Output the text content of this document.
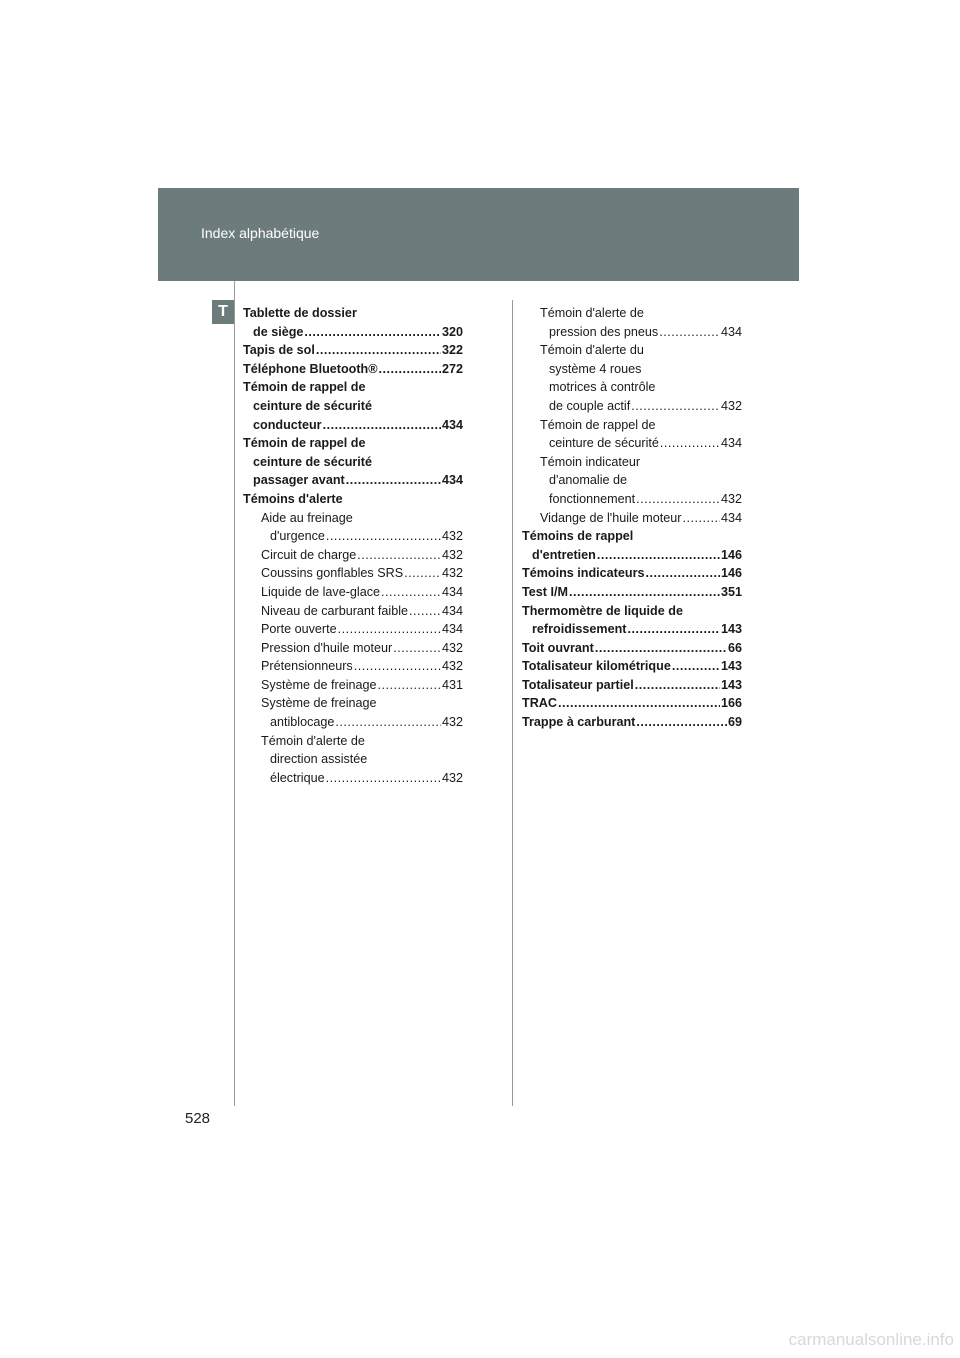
Index alphabétique
T	Tablette de dossier
de siège .....	320
Tapis de sol .....	322
Téléphone Bluetooth® .....	272
Témoin de rappel de
ceinture de sécurité
conducteur .....	434
Témoin de rappel de
ceinture de sécurité
passager avant .....	434
Témoins d'alerte
Aide au freinage
d'urgence .....	432
Circuit de charge .....	432
Coussins gonflables SRS .....	432
Liquide de lave-glace .....	434
Niveau de carburant faible .....	434
Porte ouverte .....	434
Pression d'huile moteur .....	432
Prétensionneurs .....	432
Système de freinage .....	431
Système de freinage
antiblocage .....	432
Témoin d'alerte de
direction assistée
électrique .....	432
Témoin d'alerte de
pression des pneus .....	434
Témoin d'alerte du
système 4 roues
motrices à contrôle
de couple actif .....	432
Témoin de rappel de
ceinture de sécurité .....	434
Témoin indicateur
d'anomalie de
fonctionnement .....	432
Vidange de l'huile moteur .....	434
Témoins de rappel
d'entretien .....	146
Témoins indicateurs .....	146
Test I/M .....	351
Thermomètre de liquide de
refroidissement .....	143
Toit ouvrant .....	66
Totalisateur kilométrique .....	143
Totalisateur partiel .....	143
TRAC .....	166
Trappe à carburant .....	69
528
carmanualsonline.info
